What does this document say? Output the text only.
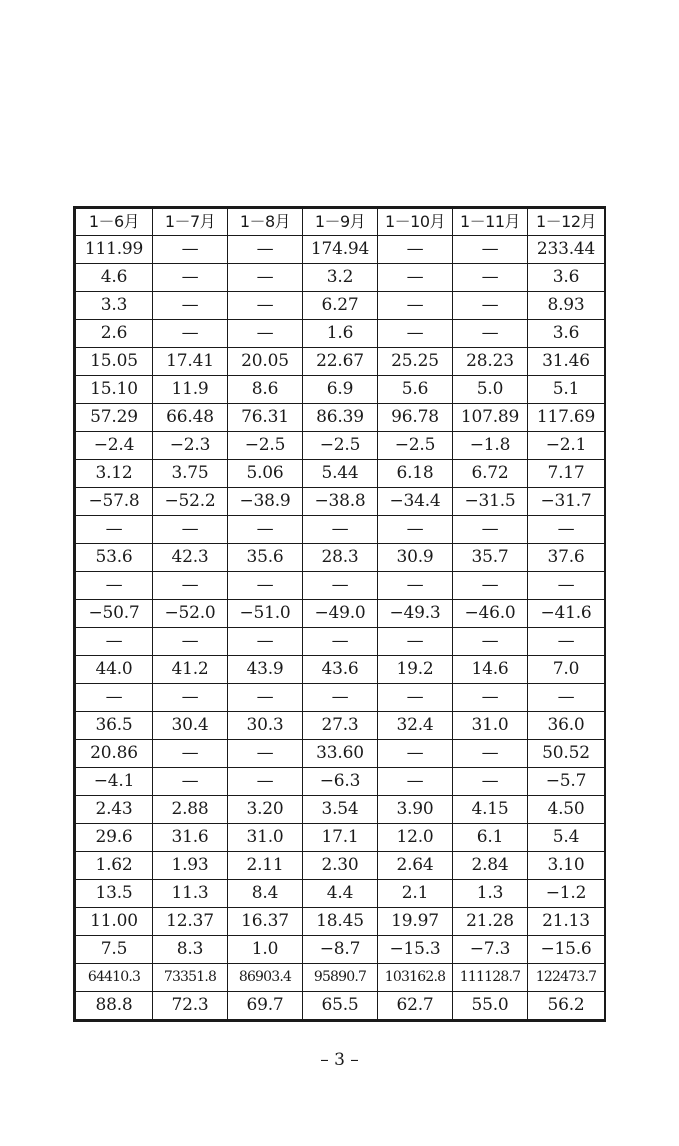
1－6月	1－7月	1－8月	1－9月	1－10月	1－11月	1－12月
111.99	—	—	174.94	—	—	233.44
4.6	—	—	3.2	—	—	3.6
3.3	—	—	6.27	—	—	8.93
2.6	—	—	1.6	—	—	3.6
15.05	17.41	20.05	22.67	25.25	28.23	31.46
15.10	11.9	8.6	6.9	5.6	5.0	5.1
57.29	66.48	76.31	86.39	96.78	107.89	117.69
−2.4	−2.3	−2.5	−2.5	−2.5	−1.8	−2.1
3.12	3.75	5.06	5.44	6.18	6.72	7.17
−57.8	−52.2	−38.9	−38.8	−34.4	−31.5	−31.7
—	—	—	—	—	—	—
53.6	42.3	35.6	28.3	30.9	35.7	37.6
—	—	—	—	—	—	—
−50.7	−52.0	−51.0	−49.0	−49.3	−46.0	−41.6
—	—	—	—	—	—	—
44.0	41.2	43.9	43.6	19.2	14.6	7.0
—	—	—	—	—	—	—
36.5	30.4	30.3	27.3	32.4	31.0	36.0
20.86	—	—	33.60	—	—	50.52
−4.1	—	—	−6.3	—	—	−5.7
2.43	2.88	3.20	3.54	3.90	4.15	4.50
29.6	31.6	31.0	17.1	12.0	6.1	5.4
1.62	1.93	2.11	2.30	2.64	2.84	3.10
13.5	11.3	8.4	4.4	2.1	1.3	−1.2
11.00	12.37	16.37	18.45	19.97	21.28	21.13
7.5	8.3	1.0	−8.7	−15.3	−7.3	−15.6
64410.3	73351.8	86903.4	95890.7	103162.8	111128.7	122473.7
88.8	72.3	69.7	65.5	62.7	55.0	56.2
– 3 –
